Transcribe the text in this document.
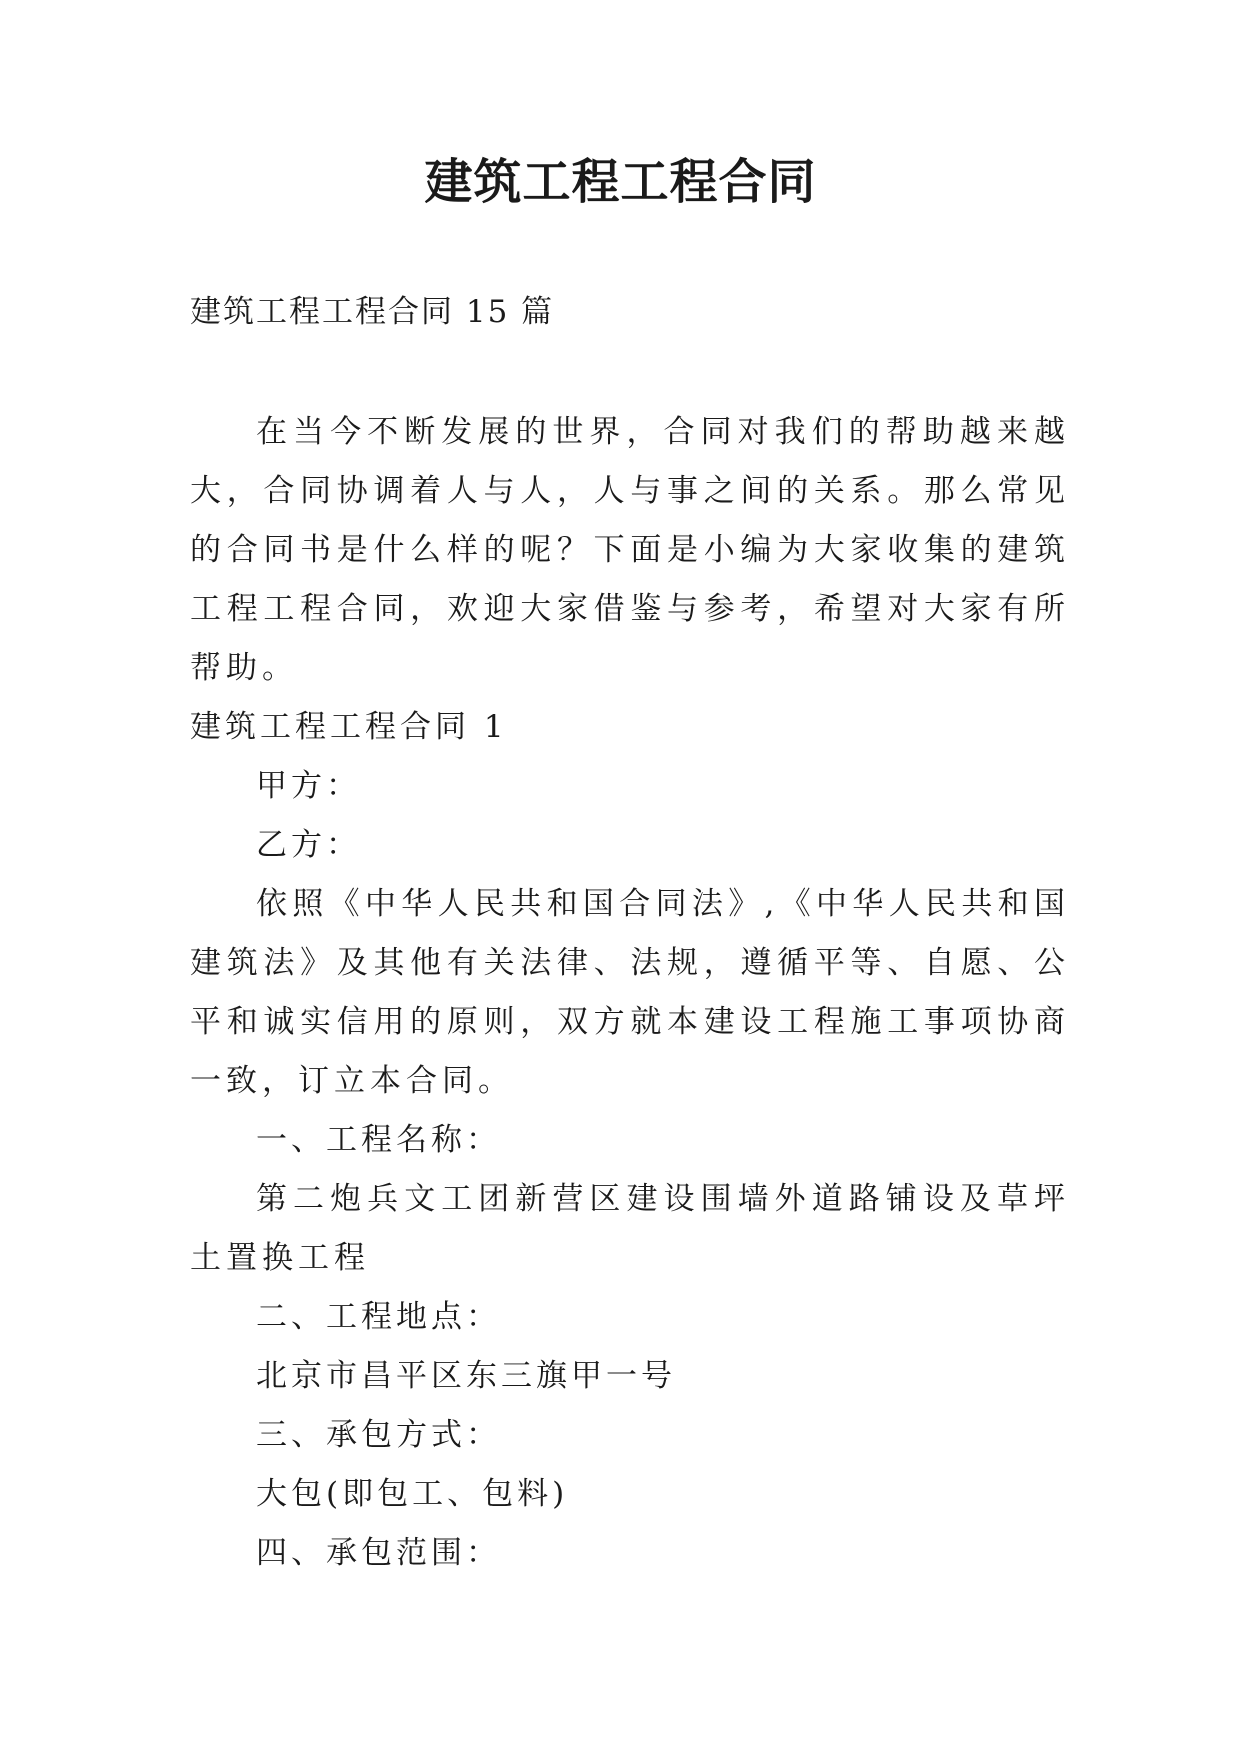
建筑工程工程合同
建筑工程工程合同 15 篇

在当今不断发展的世界，合同对我们的帮助越来越大，合同协调着人与人，人与事之间的关系。那么常见的合同书是什么样的呢？下面是小编为大家收集的建筑工程工程合同，欢迎大家借鉴与参考，希望对大家有所帮助。

建筑工程工程合同 1

甲方：

乙方：

依照《中华人民共和国合同法》,《中华人民共和国建筑法》及其他有关法律、法规，遵循平等、自愿、公平和诚实信用的原则，双方就本建设工程施工事项协商一致，订立本合同。

一、工程名称：

第二炮兵文工团新营区建设围墙外道路铺设及草坪土置换工程

二、工程地点：

北京市昌平区东三旗甲一号

三、承包方式：

大包(即包工、包料)

四、承包范围：
